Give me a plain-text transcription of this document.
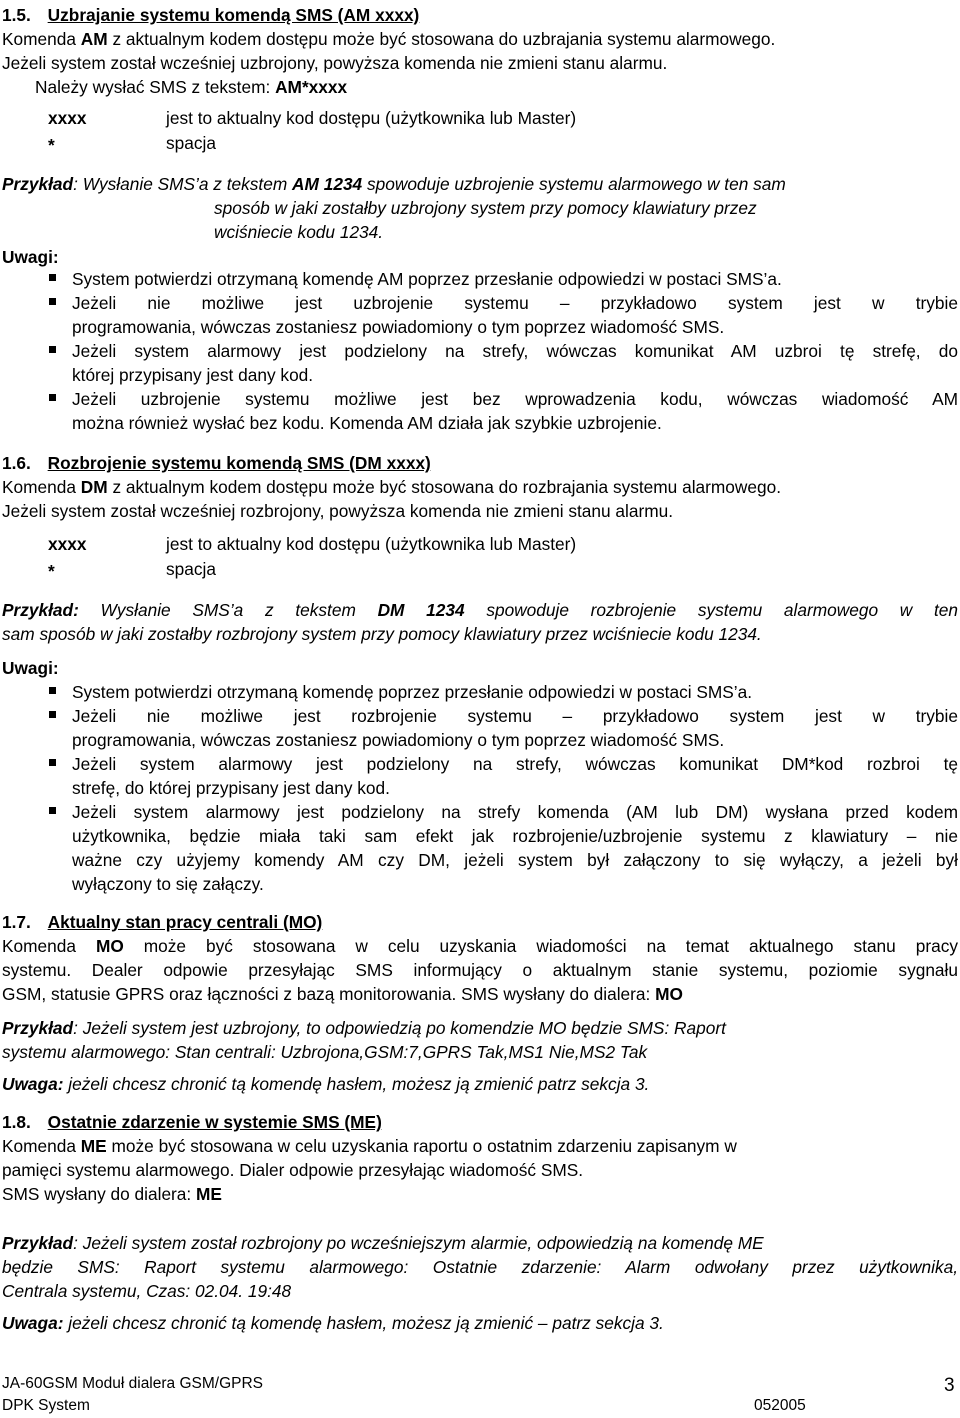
1.5. Uzbrajanie systemu komendą SMS (AM xxxx)
Komenda AM z aktualnym kodem dostępu może być stosowana do uzbrajania systemu alarmowego.
Jeżeli system został wcześniej uzbrojony, powyższa komenda nie zmieni stanu alarmu.
Należy wysłać SMS z tekstem: AM*xxxx
xxxx	jest to aktualny kod dostępu (użytkownika lub Master)
*	spacja
Przykład: Wysłanie SMS’a z tekstem AM 1234 spowoduje uzbrojenie systemu alarmowego w ten sam
sposób w jaki zostałby uzbrojony system przy pomocy klawiatury przez
wciśniecie kodu 1234.
Uwagi:
System potwierdzi otrzymaną komendę AM poprzez przesłanie odpowiedzi w postaci SMS’a.
Jeżeli nie możliwe jest uzbrojenie systemu – przykładowo system jest w trybie
programowania, wówczas zostaniesz powiadomiony o tym poprzez wiadomość SMS.
Jeżeli system alarmowy jest podzielony na strefy, wówczas komunikat AM uzbroi tę strefę, do
której przypisany jest dany kod.
Jeżeli uzbrojenie systemu możliwe jest bez wprowadzenia kodu, wówczas wiadomość AM
można również wysłać bez kodu. Komenda AM działa jak szybkie uzbrojenie.
1.6. Rozbrojenie systemu komendą SMS (DM xxxx)
Komenda DM z aktualnym kodem dostępu może być stosowana do rozbrajania systemu alarmowego.
Jeżeli system został wcześniej rozbrojony, powyższa komenda nie zmieni stanu alarmu.
xxxx	jest to aktualny kod dostępu (użytkownika lub Master)
*	spacja
Przykład: Wysłanie SMS’a z tekstem DM 1234 spowoduje rozbrojenie systemu alarmowego w ten
sam sposób w jaki zostałby rozbrojony system przy pomocy klawiatury przez wciśniecie kodu 1234.
Uwagi:
System potwierdzi otrzymaną komendę poprzez przesłanie odpowiedzi w postaci SMS’a.
Jeżeli nie możliwe jest rozbrojenie systemu – przykładowo system jest w trybie
programowania, wówczas zostaniesz powiadomiony o tym poprzez wiadomość SMS.
Jeżeli system alarmowy jest podzielony na strefy, wówczas komunikat DM*kod rozbroi tę
strefę, do której przypisany jest dany kod.
Jeżeli system alarmowy jest podzielony na strefy komenda (AM lub DM) wysłana przed kodem
użytkownika, będzie miała taki sam efekt jak rozbrojenie/uzbrojenie systemu z klawiatury – nie
ważne czy użyjemy komendy AM czy DM, jeżeli system był załączony to się wyłączy, a jeżeli był
wyłączony to się załączy.
1.7. Aktualny stan pracy centrali (MO)
Komenda MO może być stosowana w celu uzyskania wiadomości na temat aktualnego stanu pracy
systemu. Dealer odpowie przesyłając SMS informujący o aktualnym stanie systemu, poziomie sygnału
GSM, statusie GPRS oraz łączności z bazą monitorowania. SMS wysłany do dialera: MO
Przykład: Jeżeli system jest uzbrojony, to odpowiedzią po komendzie MO będzie SMS: Raport
systemu alarmowego: Stan centrali: Uzbrojona,GSM:7,GPRS Tak,MS1 Nie,MS2 Tak
Uwaga: jeżeli chcesz chronić tą komendę hasłem, możesz ją zmienić patrz sekcja 3.
1.8. Ostatnie zdarzenie w systemie SMS (ME)
Komenda ME może być stosowana w celu uzyskania raportu o ostatnim zdarzeniu zapisanym w
pamięci systemu alarmowego. Dialer odpowie przesyłając wiadomość SMS.
SMS wysłany do dialera: ME
Przykład: Jeżeli system został rozbrojony po wcześniejszym alarmie, odpowiedzią na komendę ME
będzie SMS: Raport systemu alarmowego: Ostatnie zdarzenie: Alarm odwołany przez użytkownika,
Centrala systemu, Czas: 02.04. 19:48
Uwaga: jeżeli chcesz chronić tą komendę hasłem, możesz ją zmienić – patrz sekcja 3.
JA-60GSM Moduł dialera GSM/GPRS
DPK System	052005
3
